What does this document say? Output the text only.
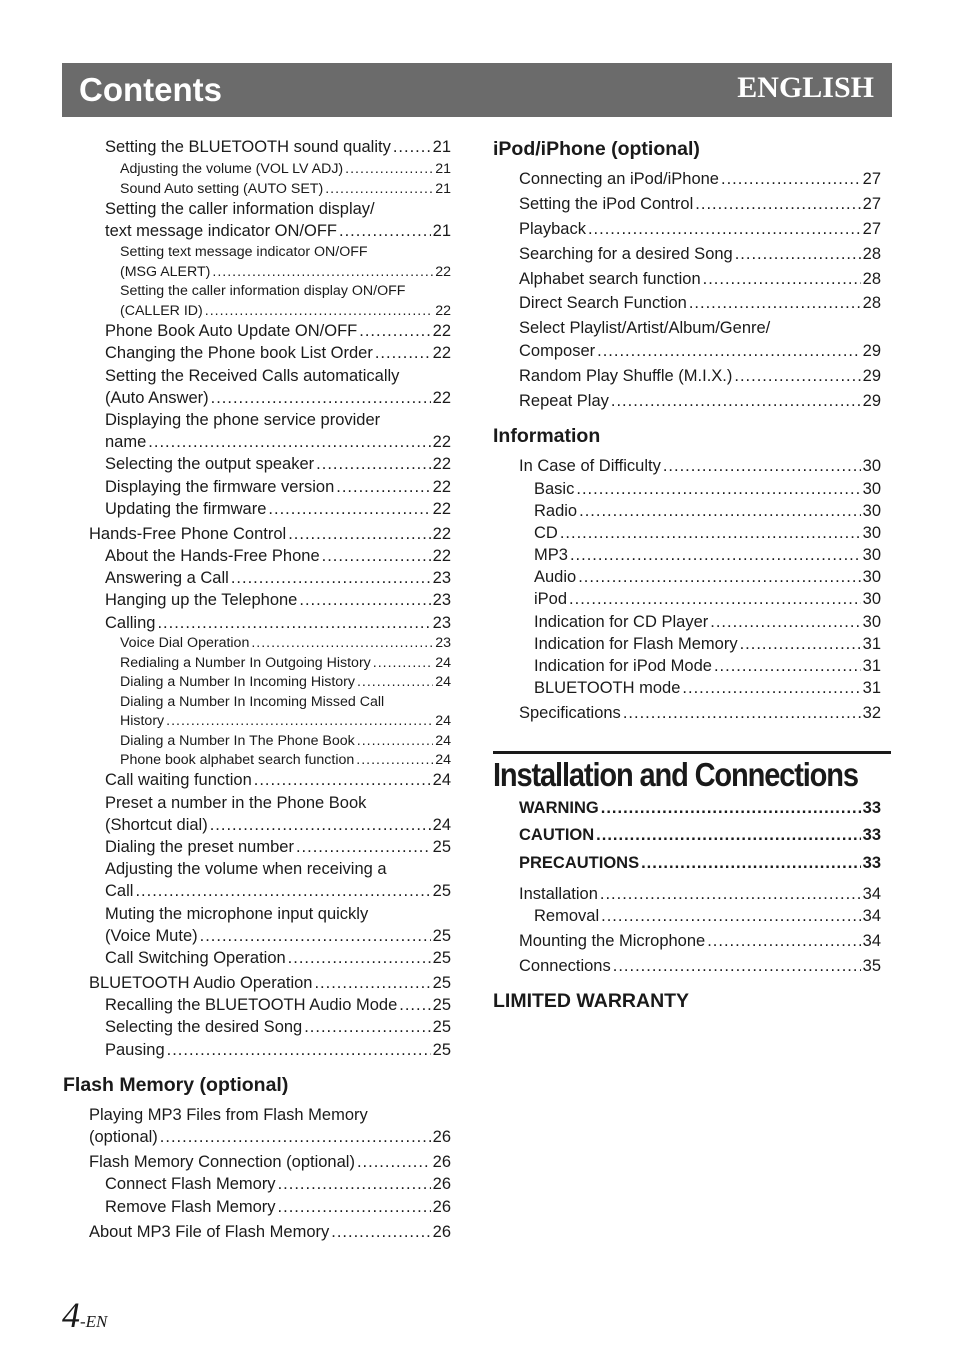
Contents	ENGLISH
Setting the BLUETOOTH sound quality .....	21
Adjusting the volume (VOL LV ADJ) .....	21
Sound Auto setting (AUTO SET) .....	21
Setting the caller information display/
text message indicator ON/OFF .....	21
Setting text message indicator ON/OFF
(MSG ALERT) .....	22
Setting the caller information display ON/OFF
(CALLER ID) .....	22
Phone Book Auto Update ON/OFF .....	22
Changing the Phone book List Order .....	22
Setting the Received Calls automatically
(Auto Answer) .....	22
Displaying the phone service provider
name .....	22
Selecting the output speaker .....	22
Displaying the firmware version .....	22
Updating the firmware .....	22
Hands-Free Phone Control .....	22
About the Hands-Free Phone .....	22
Answering a Call .....	23
Hanging up the Telephone .....	23
Calling .....	23
Voice Dial Operation .....	23
Redialing a Number In Outgoing History .....	24
Dialing a Number In Incoming History .....	24
Dialing a Number In Incoming Missed Call
History .....	24
Dialing a Number In The Phone Book .....	24
Phone book alphabet search function .....	24
Call waiting function .....	24
Preset a number in the Phone Book
(Shortcut dial) .....	24
Dialing the preset number .....	25
Adjusting the volume when receiving a
Call .....	25
Muting the microphone input quickly
(Voice Mute) .....	25
Call Switching Operation .....	25
BLUETOOTH Audio Operation .....	25
Recalling the BLUETOOTH Audio Mode ..... 25
Selecting the desired Song .....	25
Pausing .....	25
Flash Memory (optional)
Playing MP3 Files from Flash Memory
(optional) .....	26
Flash Memory Connection (optional) .....	26
Connect Flash Memory .....	26
Remove Flash Memory .....	26
About MP3 File of Flash Memory .....	26
iPod/iPhone (optional)
Connecting an iPod/iPhone .....	27
Setting the iPod Control .....	27
Playback .....	27
Searching for a desired Song .....	28
Alphabet search function .....	28
Direct Search Function .....	28
Select Playlist/Artist/Album/Genre/
Composer .....	29
Random Play Shuffle (M.I.X.) .....	29
Repeat Play .....	29
Information
In Case of Difficulty .....	30
Basic .....	30
Radio .....	30
CD .....	30
MP3 .....	30
Audio .....	30
iPod .....	30
Indication for CD Player .....	30
Indication for Flash Memory .....	31
Indication for iPod Mode .....	31
BLUETOOTH mode .....	31
Specifications .....	32
Installation and Connections
WARNING .....	33
CAUTION .....	33
PRECAUTIONS .....	33
Installation .....	34
Removal .....	34
Mounting the Microphone .....	34
Connections .....	35
LIMITED WARRANTY
4-EN
